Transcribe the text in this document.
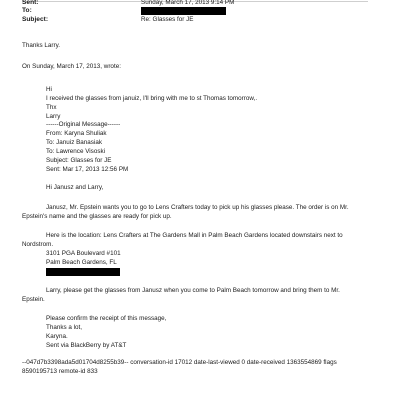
Sent:	Sunday, March 17, 2013 9:14 PM
To:
Subject:	Re: Glasses for JE
Thanks Larry.
On Sunday, March 17, 2013, wrote:
Hi
I received the glasses from januiz, I'll bring with me to st Thomas tomorrow,.
Thx
Larry
------Original Message------
From: Karyna Shuliak
To: Januiz Banasiak
To: Lawrence Visoski
Subject: Glasses for JE
Sent: Mar 17, 2013 12:56 PM
Hi Janusz and Larry,
Janusz, Mr. Epstein wants you to go to Lens Crafters today to pick up his glasses please. The order is on Mr.
Epstein's name and the glasses are ready for pick up.
Here is the location: Lens Crafters at The Gardens Mall in Palm Beach Gardens located downstairs next to
Nordstrom.
3101 PGA Boulevard #101
Palm Beach Gardens, FL
Larry, please get the glasses from Janusz when you come to Palm Beach tomorrow and bring them to Mr.
Epstein.
Please confirm the receipt of this message,
Thanks a lot,
Karyna.
Sent via BlackBerry by AT&T
--047d7b3398ada5d01704d8255b39-- conversation-id 17012 date-last-viewed 0 date-received 1363554869 flags
8590195713 remote-id 833
